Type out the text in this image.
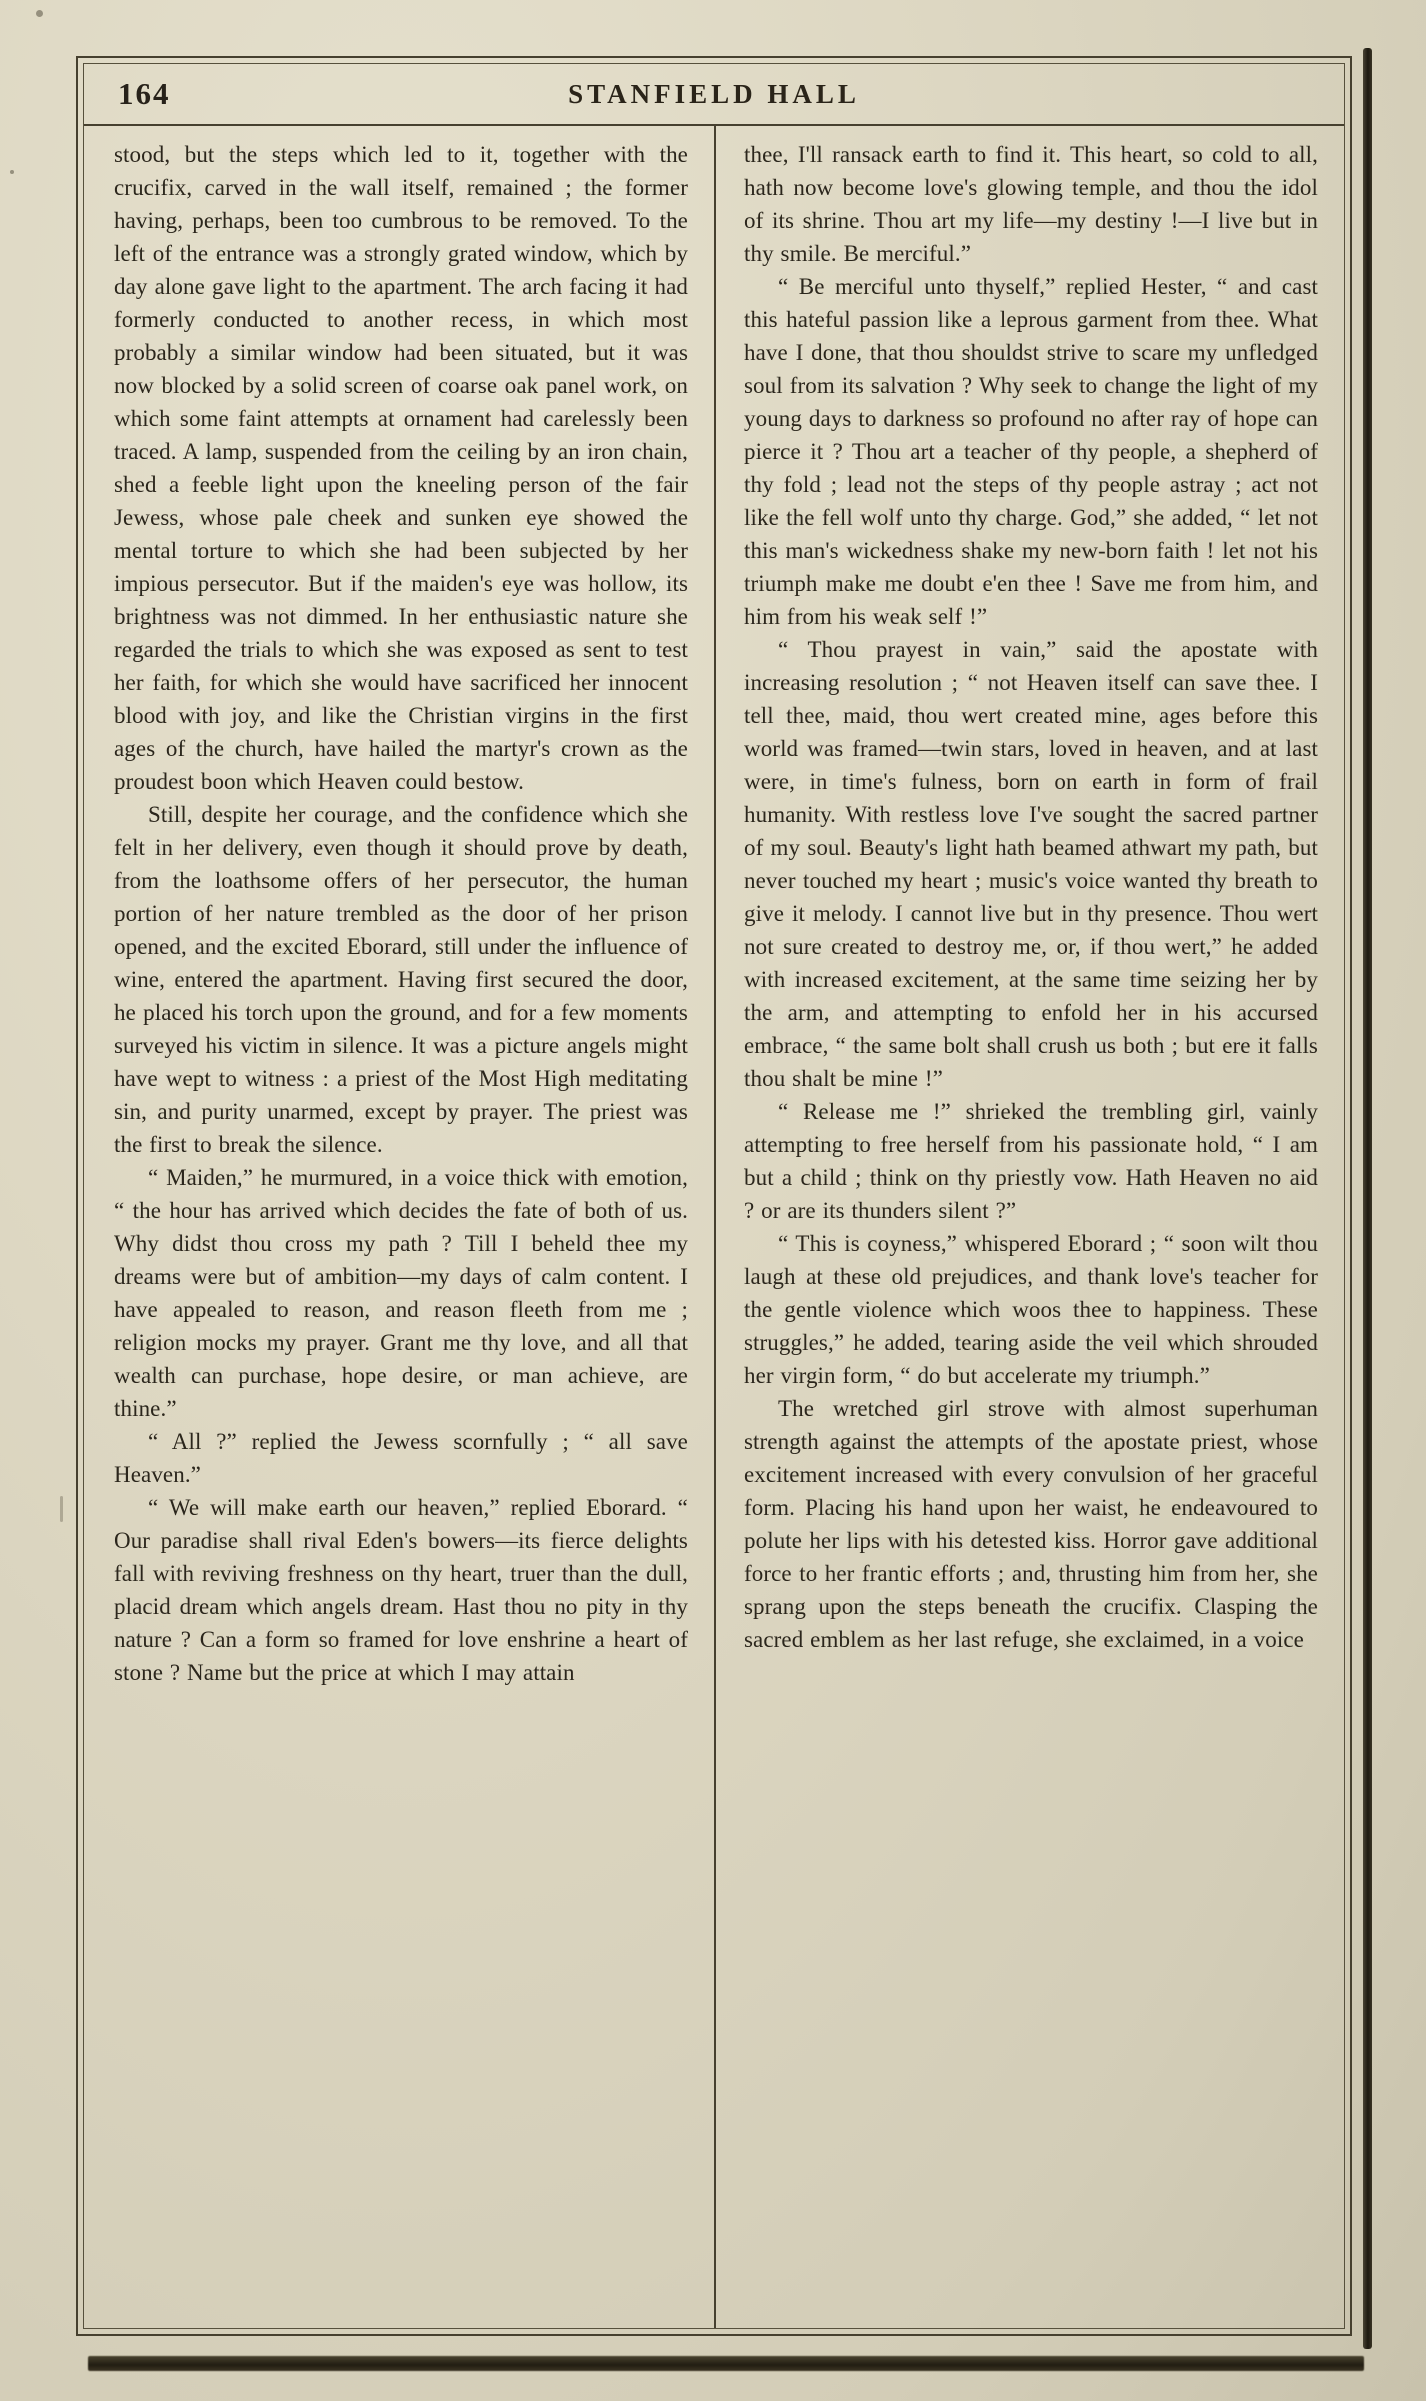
164	STANFIELD HALL

stood, but the steps which led to it, together with the crucifix, carved in the wall itself, remained ; the former having, perhaps, been too cumbrous to be removed. To the left of the entrance was a strongly grated window, which by day alone gave light to the apartment. The arch facing it had formerly conducted to another recess, in which most probably a similar window had been situated, but it was now blocked by a solid screen of coarse oak panel work, on which some faint attempts at ornament had carelessly been traced. A lamp, suspended from the ceiling by an iron chain, shed a feeble light upon the kneeling person of the fair Jewess, whose pale cheek and sunken eye showed the mental torture to which she had been subjected by her impious persecutor. But if the maiden's eye was hollow, its brightness was not dimmed. In her enthusiastic nature she regarded the trials to which she was exposed as sent to test her faith, for which she would have sacrificed her innocent blood with joy, and like the Christian virgins in the first ages of the church, have hailed the martyr's crown as the proudest boon which Heaven could bestow.

Still, despite her courage, and the confidence which she felt in her delivery, even though it should prove by death, from the loathsome offers of her persecutor, the human portion of her nature trembled as the door of her prison opened, and the excited Eborard, still under the influence of wine, entered the apartment. Having first secured the door, he placed his torch upon the ground, and for a few moments surveyed his victim in silence. It was a picture angels might have wept to witness : a priest of the Most High meditating sin, and purity unarmed, except by prayer. The priest was the first to break the silence.

“ Maiden,” he murmured, in a voice thick with emotion, “ the hour has arrived which decides the fate of both of us. Why didst thou cross my path ? Till I beheld thee my dreams were but of ambition—my days of calm content. I have appealed to reason, and reason fleeth from me ; religion mocks my prayer. Grant me thy love, and all that wealth can purchase, hope desire, or man achieve, are thine.”

“ All ?” replied the Jewess scornfully ; “ all save Heaven.”

“ We will make earth our heaven,” replied Eborard. “ Our paradise shall rival Eden's bowers—its fierce delights fall with reviving freshness on thy heart, truer than the dull, placid dream which angels dream. Hast thou no pity in thy nature ? Can a form so framed for love enshrine a heart of stone ? Name but the price at which I may attain

thee, I'll ransack earth to find it. This heart, so cold to all, hath now become love's glowing temple, and thou the idol of its shrine. Thou art my life—my destiny !—I live but in thy smile. Be merciful.”

“ Be merciful unto thyself,” replied Hester, “ and cast this hateful passion like a leprous garment from thee. What have I done, that thou shouldst strive to scare my unfledged soul from its salvation ? Why seek to change the light of my young days to darkness so profound no after ray of hope can pierce it ? Thou art a teacher of thy people, a shepherd of thy fold ; lead not the steps of thy people astray ; act not like the fell wolf unto thy charge. God,” she added, “ let not this man's wickedness shake my new-born faith ! let not his triumph make me doubt e'en thee ! Save me from him, and him from his weak self !”

“ Thou prayest in vain,” said the apostate with increasing resolution ; “ not Heaven itself can save thee. I tell thee, maid, thou wert created mine, ages before this world was framed—twin stars, loved in heaven, and at last were, in time's fulness, born on earth in form of frail humanity. With restless love I've sought the sacred partner of my soul. Beauty's light hath beamed athwart my path, but never touched my heart ; music's voice wanted thy breath to give it melody. I cannot live but in thy presence. Thou wert not sure created to destroy me, or, if thou wert,” he added with increased excitement, at the same time seizing her by the arm, and attempting to enfold her in his accursed embrace, “ the same bolt shall crush us both ; but ere it falls thou shalt be mine !”

“ Release me !” shrieked the trembling girl, vainly attempting to free herself from his passionate hold, “ I am but a child ; think on thy priestly vow. Hath Heaven no aid ? or are its thunders silent ?”

“ This is coyness,” whispered Eborard ; “ soon wilt thou laugh at these old prejudices, and thank love's teacher for the gentle violence which woos thee to happiness. These struggles,” he added, tearing aside the veil which shrouded her virgin form, “ do but accelerate my triumph.”

The wretched girl strove with almost superhuman strength against the attempts of the apostate priest, whose excitement increased with every convulsion of her graceful form. Placing his hand upon her waist, he endeavoured to polute her lips with his detested kiss. Horror gave additional force to her frantic efforts ; and, thrusting him from her, she sprang upon the steps beneath the crucifix. Clasping the sacred emblem as her last refuge, she exclaimed, in a voice
